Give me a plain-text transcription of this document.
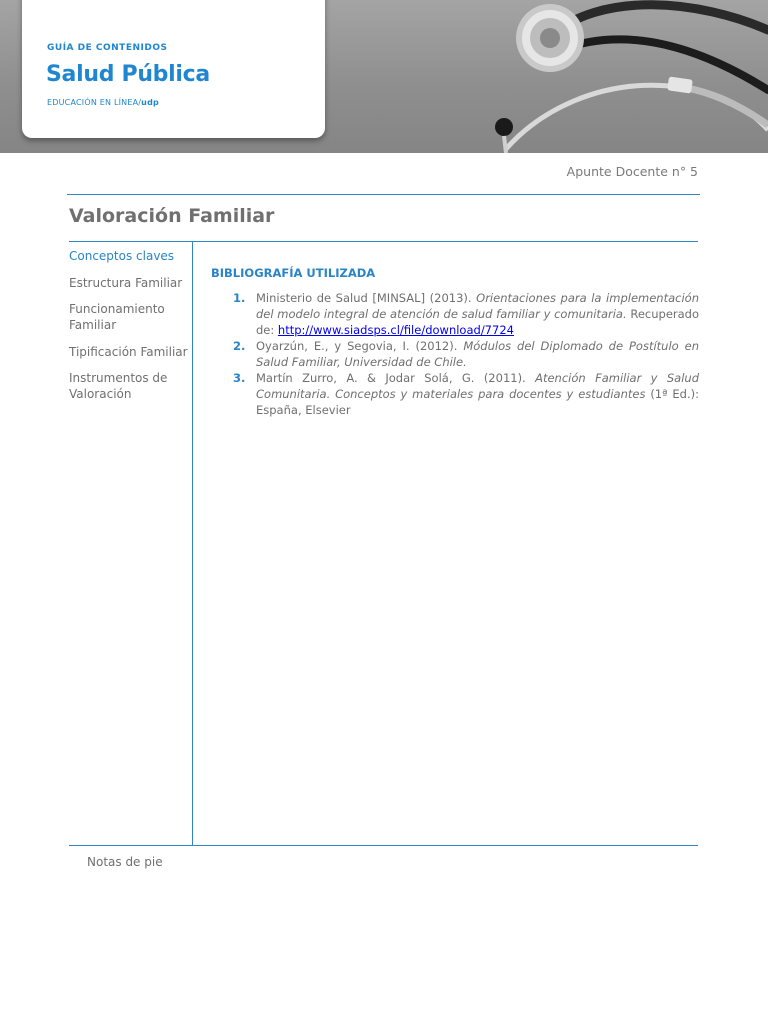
GUÍA DE CONTENIDOS
Salud Pública
EDUCACIÓN EN LÍNEA/udp
Apunte Docente n° 5
Valoración Familiar
Conceptos claves
Estructura Familiar
Funcionamiento Familiar
Tipificación Familiar
Instrumentos de Valoración
BIBLIOGRAFÍA UTILIZADA
1. Ministerio de Salud [MINSAL] (2013). Orientaciones para la implementación del modelo integral de atención de salud familiar y comunitaria. Recuperado de: http://www.siadsps.cl/file/download/7724
2. Oyarzún, E., y Segovia, I. (2012). Módulos del Diplomado de Postítulo en Salud Familiar, Universidad de Chile.
3. Martín Zurro, A. & Jodar Solá, G. (2011). Atención Familiar y Salud Comunitaria. Conceptos y materiales para docentes y estudiantes (1ª Ed.): España, Elsevier
Notas de pie
